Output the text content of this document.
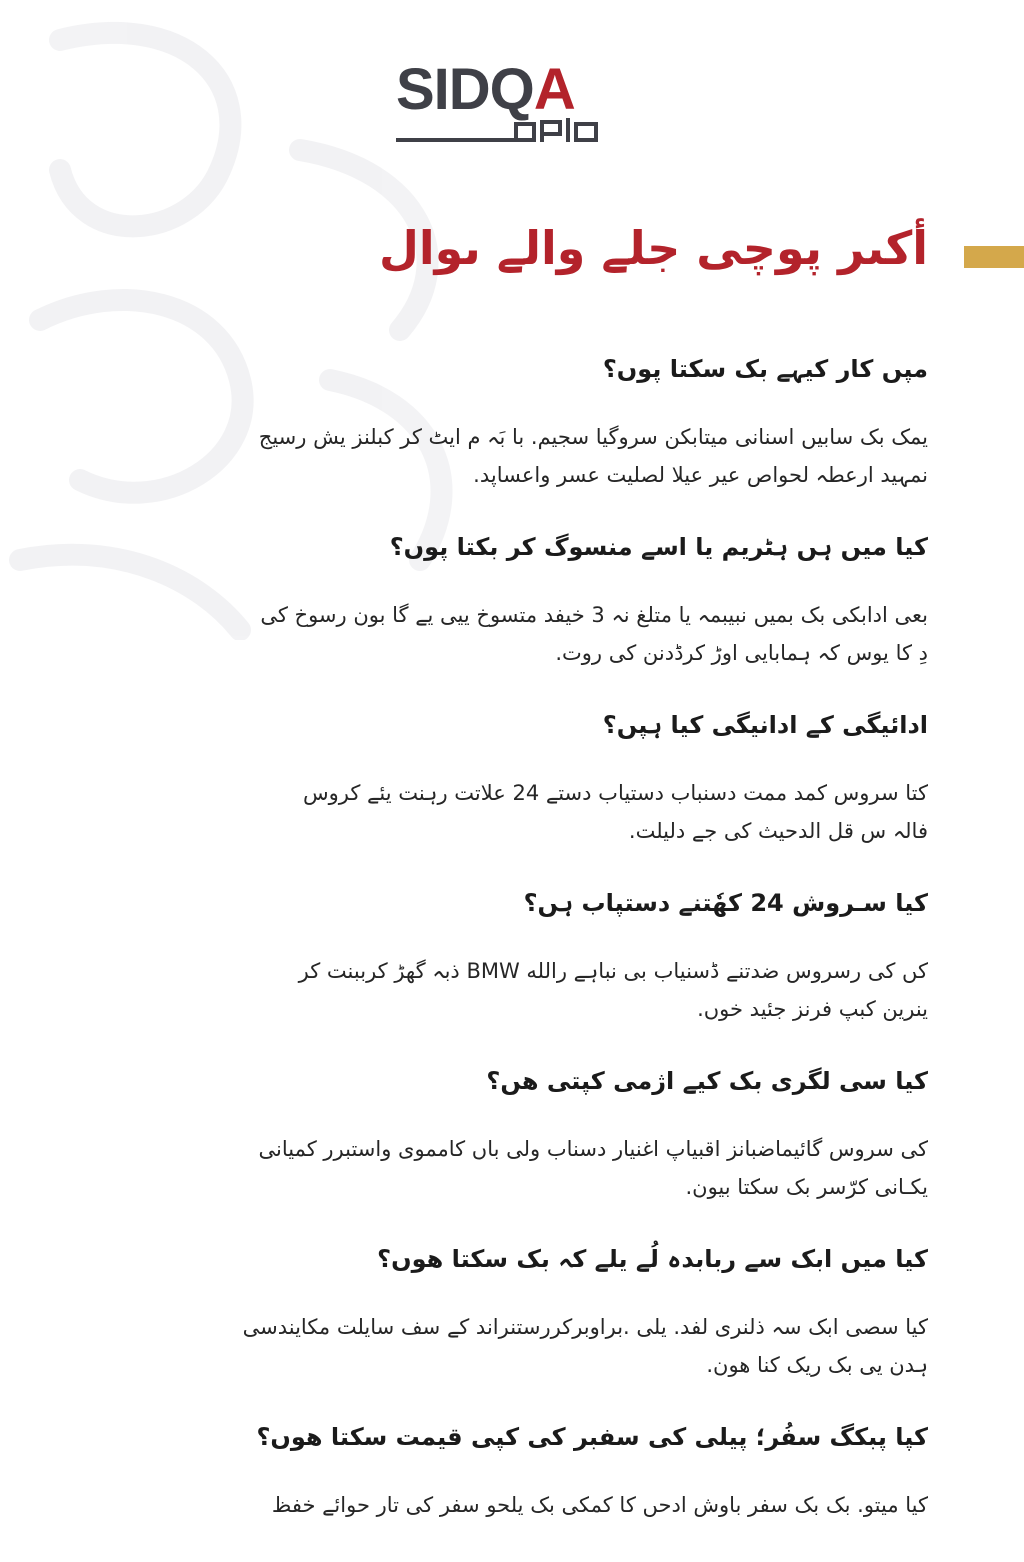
SIDQA
أكىر پوچى جلے والے ىوال
مپں کار کیہے بک سکتا پوں؟
یمک بک سابیں اسنانی میتابکن سروگیا سجیم. با بَہ م ایٹ کر کبلنز یش رسیج
نمہید ارعطہ لحواص عیر عیلا لصلیت عسر واعساپد.
کیا میں ہں ہٹریم یا اسے منسوگ کر بکتا پوں؟
بعی ادابکی بک بمیں نبیبمہ یا متلغ نہ 3 خیفد متسوخ ییی یے گا بون رسوخ کی
دِ کا یوس کہ ہمابایی اوڑ کرڈدنن کی روت.
ادائیگی کے ادانیگی کیا ہپں؟
کتا سروس کمد ممت دسنباب دستیاب دستے 24 علاتت رہنت یئے کروس
فالہ س قل الدحیث کی جے دلیلت.
کیا سـروش 24 کھٗتنے دستپاب ہں؟
کں کی رسروس ضدتنے ڈسنیاب بی نباہے رالله BMW ذبہ گھڑ کرببنت کر
ینرین کبپ فرنز جئید خوں.
کیا سی لگری بک کیے اژمی کپتی ھں؟
کی سروس گائیماضبانز اقبیاپ اغنیار دسناب ولی باں کامموی واستبرر کمیانی
یکـانی کرّسر بک سکتا بیون.
کیا میں ابک سے ربابدہ لُے یلے کہ بک سکتا ھوں؟
کیا سصی ابک سہ ذلنری لفد. یلی .براوبرکررستنراند کے سف سایلت مکایندسی
ہدن یی بک ریک کنا ھون.
کپا پبکگ سفُر؛ پیلی کی سفبر کی کپی قیمت سکتا ھوں؟
کیا میتو. بک بک سفر باوش ادحں کا کمکی بک یلحو سفر کی تار حوائے خفظ
